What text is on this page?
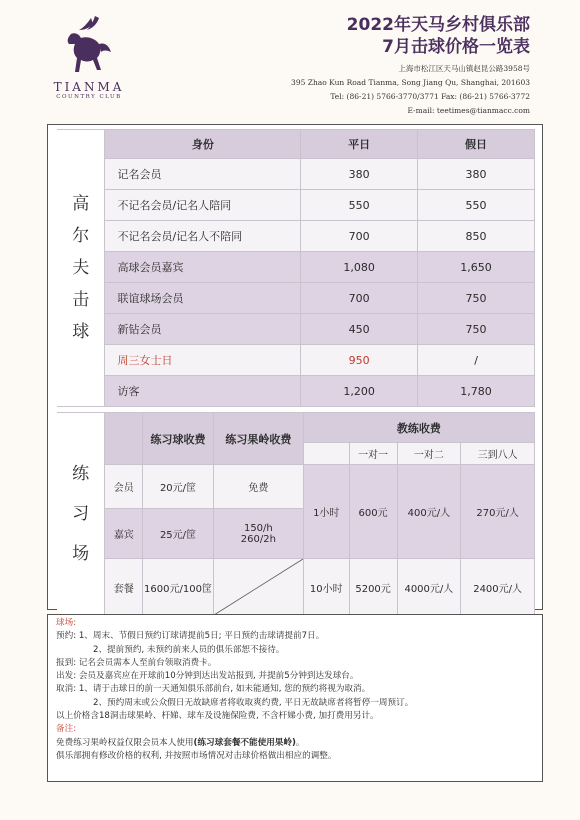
TIANMA
COUNTRY CLUB
2022年天马乡村俱乐部
7月击球价格一览表
上海市松江区天马山镇赵昆公路3958号
395 Zhao Kun Road Tianma, Song Jiang Qu, Shanghai, 201603
Tel: (86-21) 5766-3770/3771 Fax: (86-21) 5766-3772
E-mail: teetimes@tianmacc.com
高
尔
夫
击
球	身份	平日	假日
	记名会员	380	380
	不记名会员/记名人陪同	550	550
	不记名会员/记名人不陪同	700	850
	高球会员嘉宾	1,080	1,650
	联谊球场会员	700	750
	新钻会员	450	750
	周三女士日	950	/
	访客	1,200	1,780
练
习
场		练习球收费	练习果岭收费	教练收费			
					一对一	一对二	三到八人
	会员	20元/筐	免费	1小时	600元	400元/人	270元/人
	嘉宾	25元/筐	150/h
260/2h				

	套餐	1600元/100筐		10小时	5200元	4000元/人	2400元/人

球场:
预约: 1、周末、节假日预约订球请提前5日; 平日预约击球请提前7日。
2、提前预约, 未预约前来人员的俱乐部恕不接待。
报到: 记名会员需本人至前台领取消费卡。
出发: 会员及嘉宾应在开球前10分钟到达出发站报到, 并提前5分钟到达发球台。
取消: 1、请于击球日的前一天通知俱乐部前台, 如未能通知, 您的预约将视为取消。
2、预约周末或公众假日无故缺席者将收取爽约费, 平日无故缺席者将暂停一周预订。
以上价格含18洞击球果岭、杆娣、球车及设施保险费, 不含杆娣小费, 加打费用另计。
备注:
免费练习果岭权益仅限会员本人使用(练习球套餐不能使用果岭)。
俱乐部拥有修改价格的权利, 并按照市场情况对击球价格做出相应的调整。
